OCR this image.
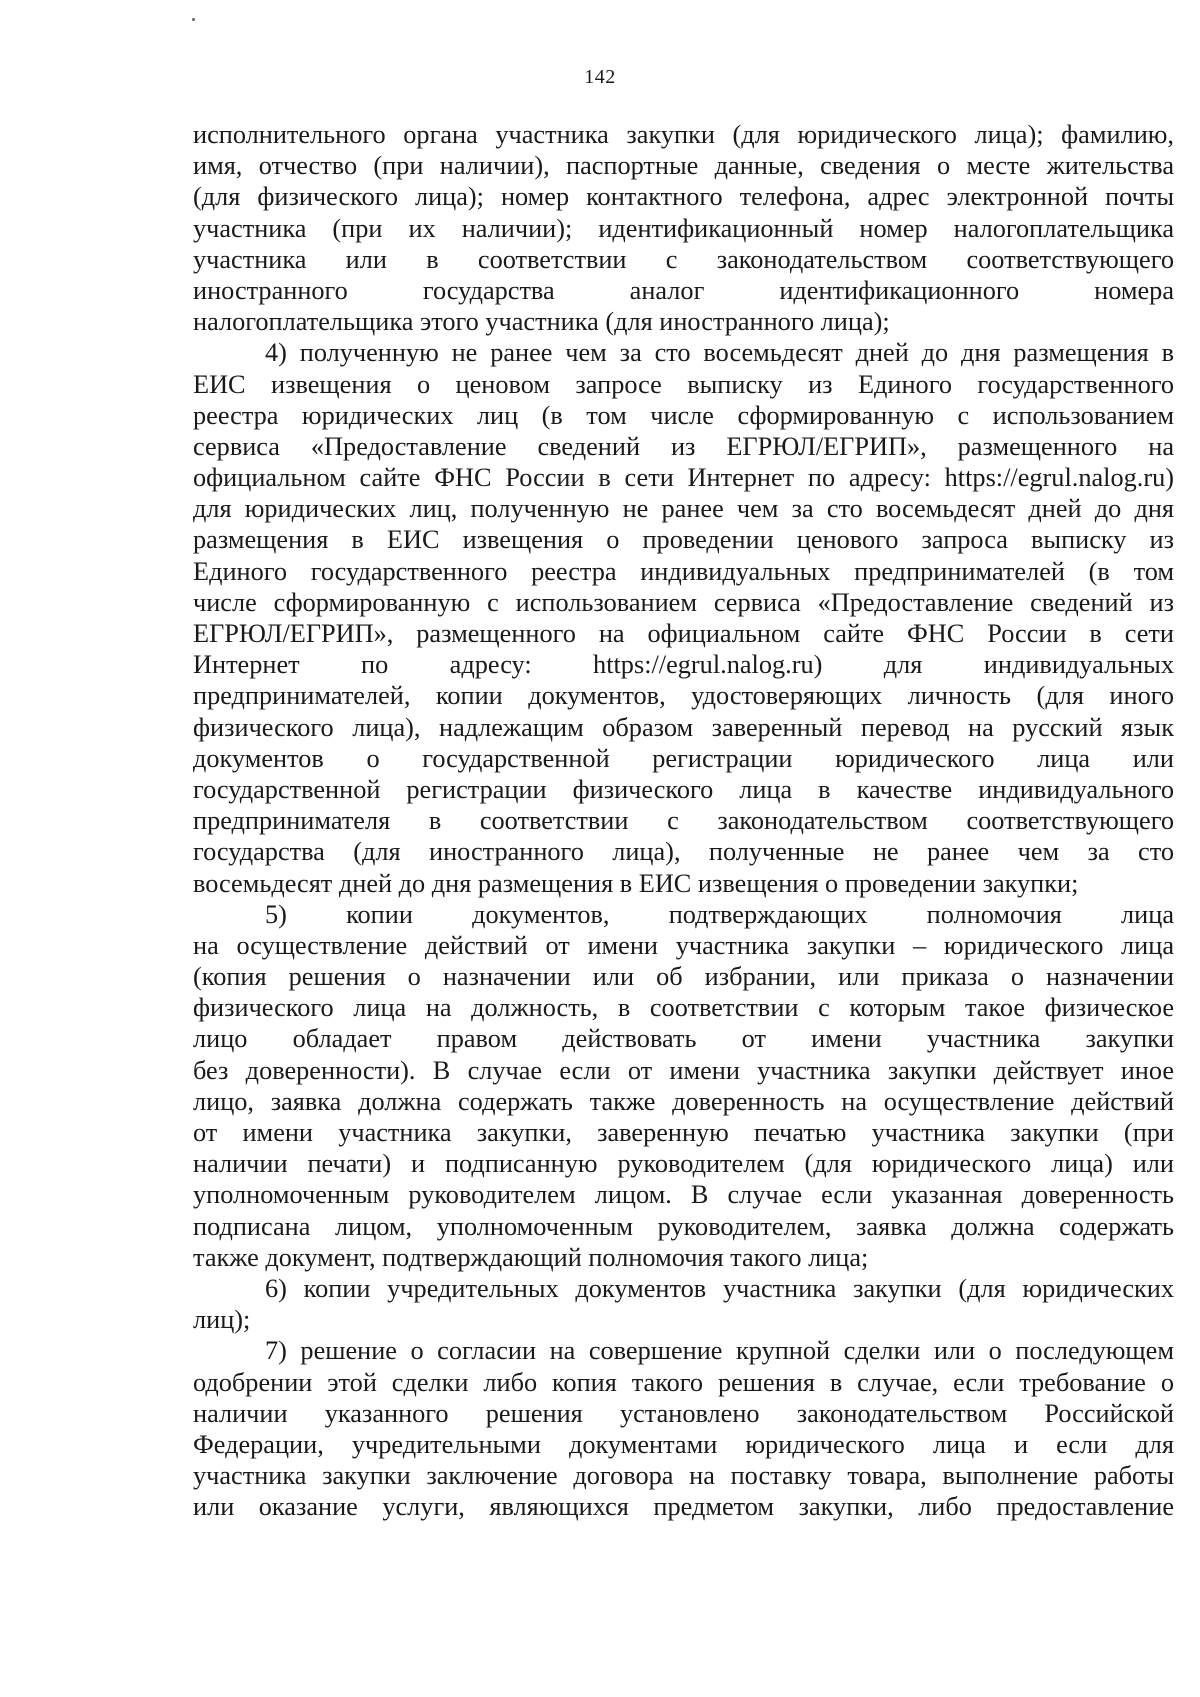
142
исполнительного органа участника закупки (для юридического лица); фамилию,
имя, отчество (при наличии), паспортные данные, сведения о месте жительства
(для физического лица); номер контактного телефона, адрес электронной почты
участника (при их наличии); идентификационный номер налогоплательщика
участника или в соответствии с законодательством соответствующего
иностранного государства аналог идентификационного номера
налогоплательщика этого участника (для иностранного лица);
4) полученную не ранее чем за сто восемьдесят дней до дня размещения в
ЕИС извещения о ценовом запросе выписку из Единого государственного
реестра юридических лиц (в том числе сформированную с использованием
сервиса «Предоставление сведений из ЕГРЮЛ/ЕГРИП», размещенного на
официальном сайте ФНС России в сети Интернет по адресу: https://egrul.nalog.ru)
для юридических лиц, полученную не ранее чем за сто восемьдесят дней до дня
размещения в ЕИС извещения о проведении ценового запроса выписку из
Единого государственного реестра индивидуальных предпринимателей (в том
числе сформированную с использованием сервиса «Предоставление сведений из
ЕГРЮЛ/ЕГРИП», размещенного на официальном сайте ФНС России в сети
Интернет по адресу: https://egrul.nalog.ru) для индивидуальных
предпринимателей, копии документов, удостоверяющих личность (для иного
физического лица), надлежащим образом заверенный перевод на русский язык
документов о государственной регистрации юридического лица или
государственной регистрации физического лица в качестве индивидуального
предпринимателя в соответствии с законодательством соответствующего
государства (для иностранного лица), полученные не ранее чем за сто
восемьдесят дней до дня размещения в ЕИС извещения о проведении закупки;
5) копии документов, подтверждающих полномочия лица
на осуществление действий от имени участника закупки – юридического лица
(копия решения о назначении или об избрании, или приказа о назначении
физического лица на должность, в соответствии с которым такое физическое
лицо обладает правом действовать от имени участника закупки
без доверенности). В случае если от имени участника закупки действует иное
лицо, заявка должна содержать также доверенность на осуществление действий
от имени участника закупки, заверенную печатью участника закупки (при
наличии печати) и подписанную руководителем (для юридического лица) или
уполномоченным руководителем лицом. В случае если указанная доверенность
подписана лицом, уполномоченным руководителем, заявка должна содержать
также документ, подтверждающий полномочия такого лица;
6) копии учредительных документов участника закупки (для юридических
лиц);
7) решение о согласии на совершение крупной сделки или о последующем
одобрении этой сделки либо копия такого решения в случае, если требование о
наличии указанного решения установлено законодательством Российской
Федерации, учредительными документами юридического лица и если для
участника закупки заключение договора на поставку товара, выполнение работы
или оказание услуги, являющихся предметом закупки, либо предоставление
